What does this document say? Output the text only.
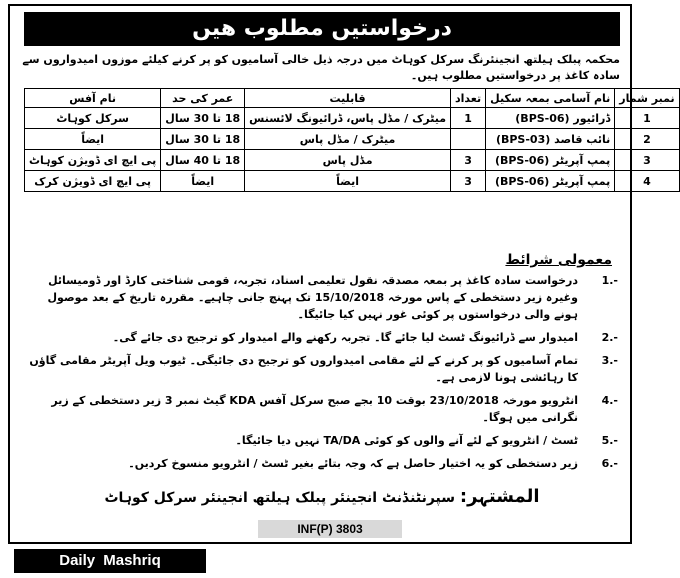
درخواستیں مطلوب ھیں
محکمہ پبلک ہیلتھ انجینئرنگ سرکل کوہاٹ میں درجہ ذیل خالی آسامیوں کو پر کرنے کیلئے موزوں امیدواروں سے سادہ کاغذ پر درخواستیں مطلوب ہیں۔
نمبر شمار	نام آسامی بمعہ سکیل	تعداد	قابلیت	عمر کی حد	نام آفس
1	ڈرائیور (BPS-06)	1	میٹرک / مڈل پاس، ڈرائیونگ لائسنس	18 تا 30 سال	سرکل کوہاٹ
2	نائب قاصد (BPS-03)		میٹرک / مڈل پاس	18 تا 30 سال	ایضاً
3	پمپ آپریٹر (BPS-06)	3	مڈل پاس	18 تا 40 سال	پی ایچ ای ڈویژن کوہاٹ
4	پمپ آپریٹر (BPS-06)	3	ایضاً	ایضاً	پی ایچ ای ڈویژن کرک
معمولی شرائط
1.-
درخواست سادہ کاغذ پر بمعہ مصدقہ نقول تعلیمی اسناد، تجربہ، قومی شناختی کارڈ اور ڈومیسائل وغیرہ زیر دستخطی کے پاس مورخہ 15/10/2018 تک پہنچ جانی چاہیے۔ مقررہ تاریخ کے بعد موصول ہونے والی درخواستوں پر کوئی غور نہیں کیا جائیگا۔
2.-
امیدوار سے ڈرائیونگ ٹسٹ لیا جائے گا۔ تجربہ رکھنے والے امیدوار کو ترجیح دی جائے گی۔
3.-
تمام آسامیوں کو پر کرنے کے لئے مقامی امیدواروں کو ترجیح دی جائیگی۔ ٹیوب ویل آپریٹر مقامی گاؤں کا رہائشی ہونا لازمی ہے۔
4.-
انٹرویو مورخہ 23/10/2018 بوقت 10 بجے صبح سرکل آفس KDA گیٹ نمبر 3 زیر دستخطی کے زیر نگرانی میں ہوگا۔
5.-
ٹسٹ / انٹرویو کے لئے آنے والوں کو کوئی TA/DA نہیں دیا جائیگا۔
6.-
زیر دستخطی کو یہ اختیار حاصل ہے کہ وجہ بتائے بغیر ٹسٹ / انٹرویو منسوخ کردیں۔
المشتہر: سپرنٹنڈنٹ انجینئر پبلک ہیلتھ انجینئر سرکل کوہاٹ
INF(P) 3803
Daily Mashriq
